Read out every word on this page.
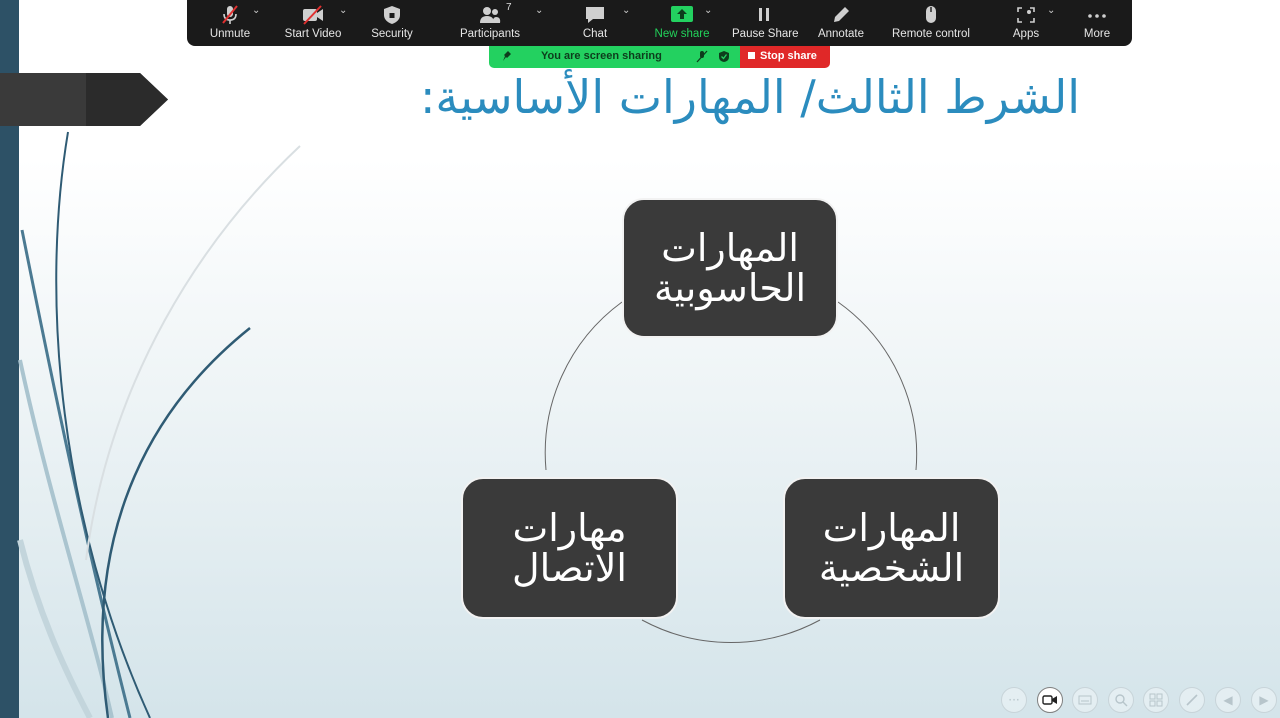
⌄
Unmute
⌄
Start Video	Security
7 ⌄
Participants
⌄
Chat
⌄
New share Pause Share Annotate Remote control
⌄
Apps	More
You are screen sharing	Stop share
الشرط الثالث/ المهارات الأساسية:
المهارات
الحاسوبية
المهارات
الشخصية
مهارات
الاتصال
···	◀	▶
